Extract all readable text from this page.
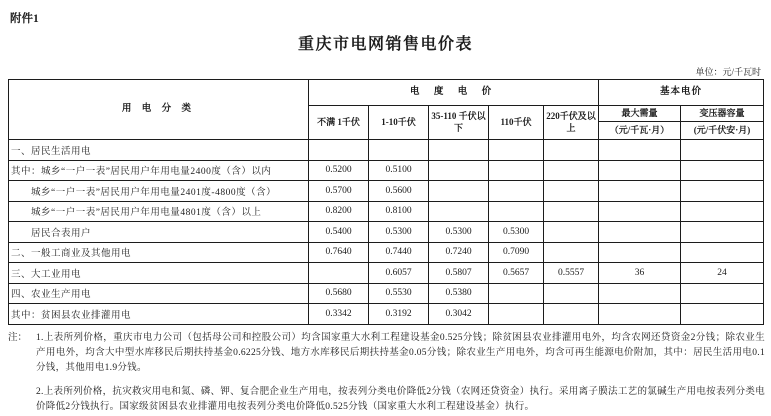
附件1
重庆市电网销售电价表
单位：元/千瓦时
用 电 分 类	电 度 电 价					基本电价	
	不满 1千伏	1-10千伏	35-110 千伏以下	110千伏	220千伏及以上	最大需量	变压器容量
						（元/千瓦·月）	(元/千伏安·月)
一、居民生活用电							
其中：城乡“一户一表”居民用户年用电量2400度（含）以内	0.5200	0.5100					
　　城乡“一户一表”居民用户年用电量2401度-4800度（含）	0.5700	0.5600					
　　城乡“一户一表”居民用户年用电量4801度（含）以上	0.8200	0.8100					
　　居民合表用户	0.5400	0.5300	0.5300	0.5300			
二、一般工商业及其他用电	0.7640	0.7440	0.7240	0.7090			
三、大工业用电		0.6057	0.5807	0.5657	0.5557	36	24
四、农业生产用电	0.5680	0.5530	0.5380				
其中：贫困县农业排灌用电	0.3342	0.3192	0.3042				
注： 1.上表所列价格，重庆市电力公司（包括母公司和控股公司）均含国家重大水利工程建设基金0.525分钱；除贫困县农业排灌用电外，均含农网还贷资金2分钱；除农业生产用电外，均含大中型水库移民后期扶持基金0.6225分钱、地方水库移民后期扶持基金0.05分钱；除农业生产用电外，均含可再生能源电价附加，其中：居民生活用电0.1分钱，其他用电1.9分钱。
2.上表所列价格，抗灾救灾用电和氮、磷、钾、复合肥企业生产用电，按表列分类电价降低2分钱（农网还贷资金）执行。采用离子膜法工艺的氯碱生产用电按表列分类电价降低2分钱执行。国家级贫困县农业排灌用电按表列分类电价降低0.525分钱（国家重大水利工程建设基金）执行。
